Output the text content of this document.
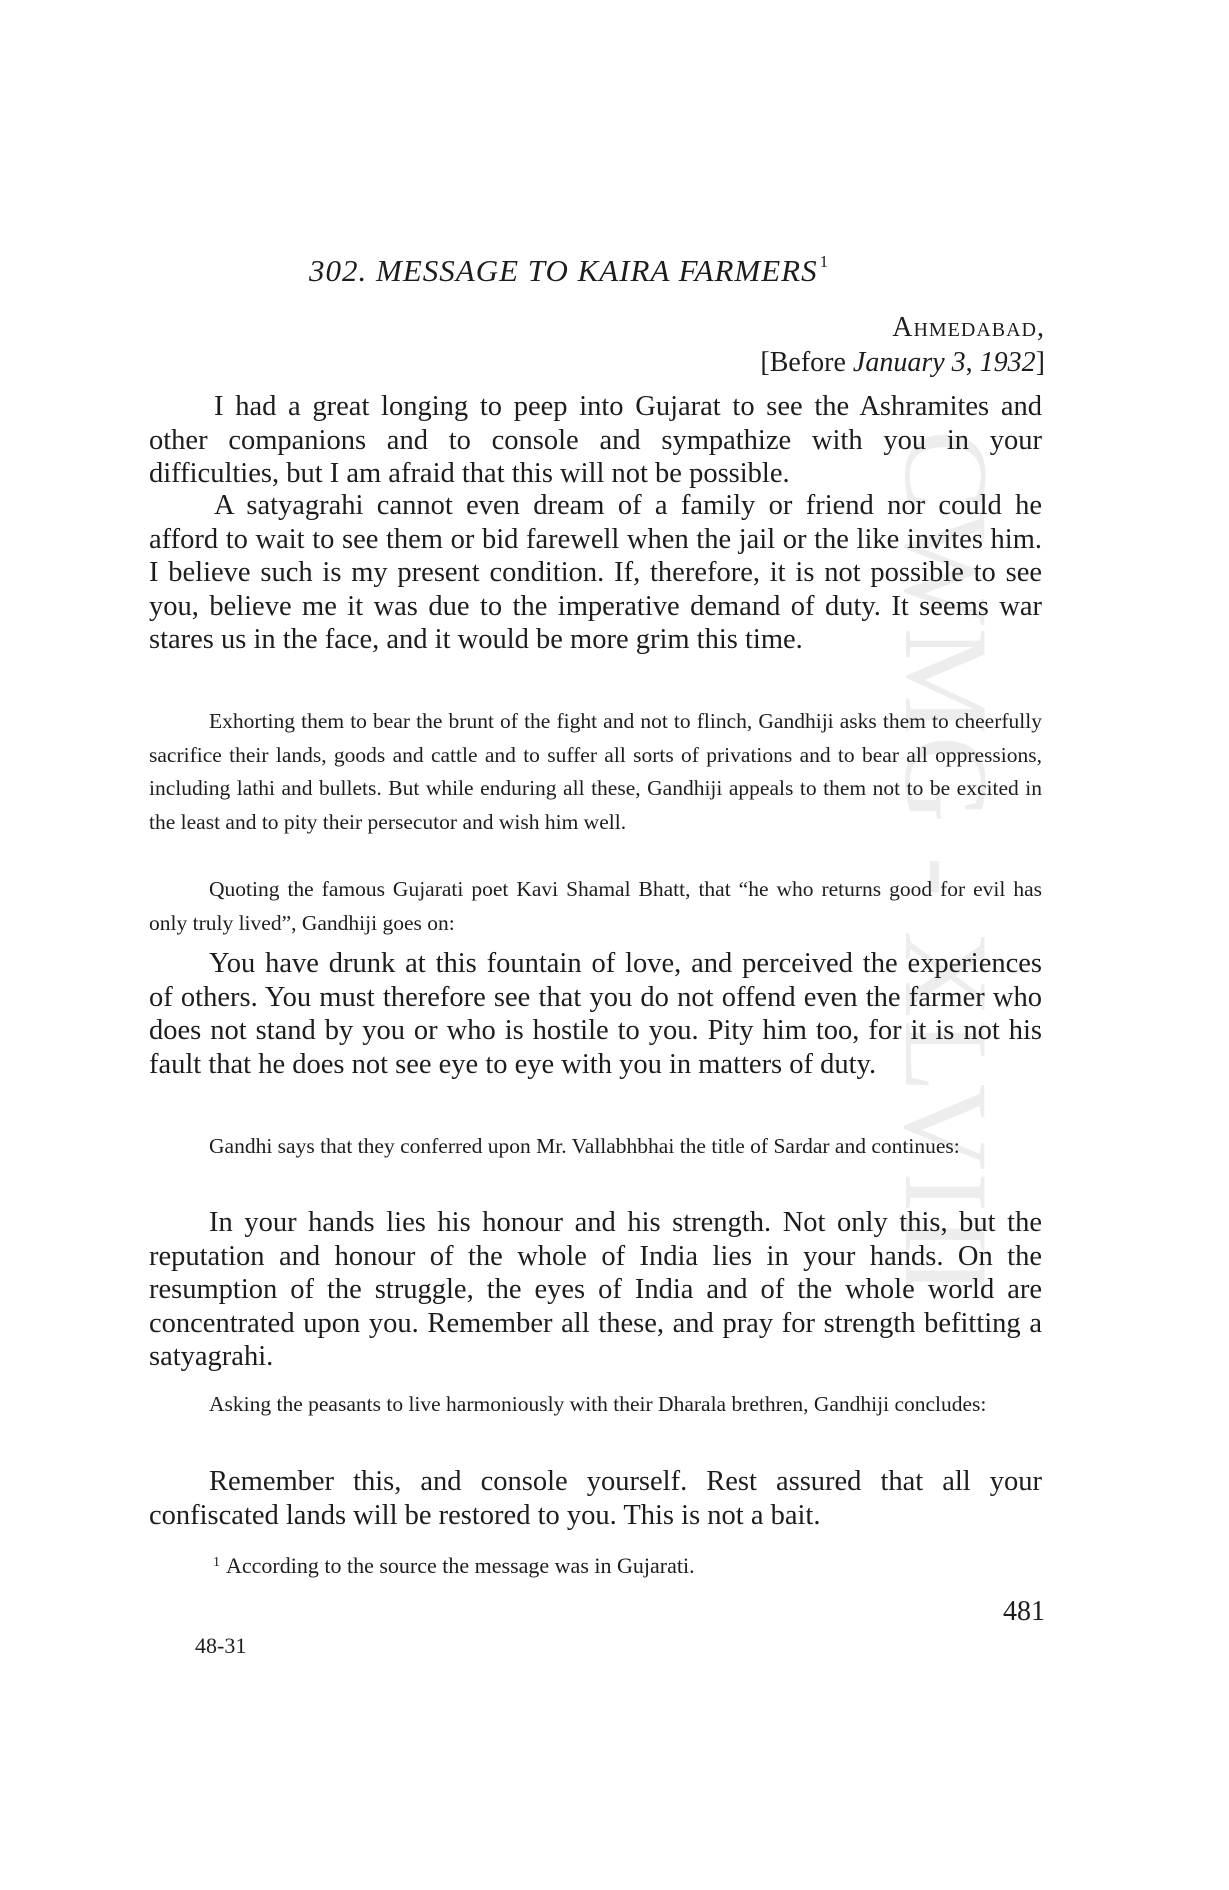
CWMG - XLVIII
302. MESSAGE TO KAIRA FARMERS $^1$
Ahmedabad,
[Before January 3, 1932]

I had a great longing to peep into Gujarat to see the Ashramites and other companions and to console and sympathize with you in your difficulties, but I am afraid that this will not be possible.

A satyagrahi cannot even dream of a family or friend nor could he afford to wait to see them or bid farewell when the jail or the like invites him. I believe such is my present condition. If, therefore, it is not possible to see you, believe me it was due to the imperative demand of duty. It seems war stares us in the face, and it would be more grim this time.

Exhorting them to bear the brunt of the fight and not to flinch, Gandhiji asks them to cheerfully sacrifice their lands, goods and cattle and to suffer all sorts of privations and to bear all oppressions, including lathi and bullets. But while enduring all these, Gandhiji appeals to them not to be excited in the least and to pity their persecutor and wish him well.

Quoting the famous Gujarati poet Kavi Shamal Bhatt, that “he who returns good for evil has only truly lived”, Gandhiji goes on:

You have drunk at this fountain of love, and perceived the experiences of others. You must therefore see that you do not offend even the farmer who does not stand by you or who is hostile to you. Pity him too, for it is not his fault that he does not see eye to eye with you in matters of duty.

Gandhi says that they conferred upon Mr. Vallabhbhai the title of Sardar and continues:

In your hands lies his honour and his strength. Not only this, but the reputation and honour of the whole of India lies in your hands. On the resumption of the struggle, the eyes of India and of the whole world are concentrated upon you. Remember all these, and pray for strength befitting a satyagrahi.

Asking the peasants to live harmoniously with their Dharala brethren, Gandhiji concludes:

Remember this, and console yourself. Rest assured that all your confiscated lands will be restored to you. This is not a bait.

$^1$ According to the source the message was in Gujarati.
481
48-31
